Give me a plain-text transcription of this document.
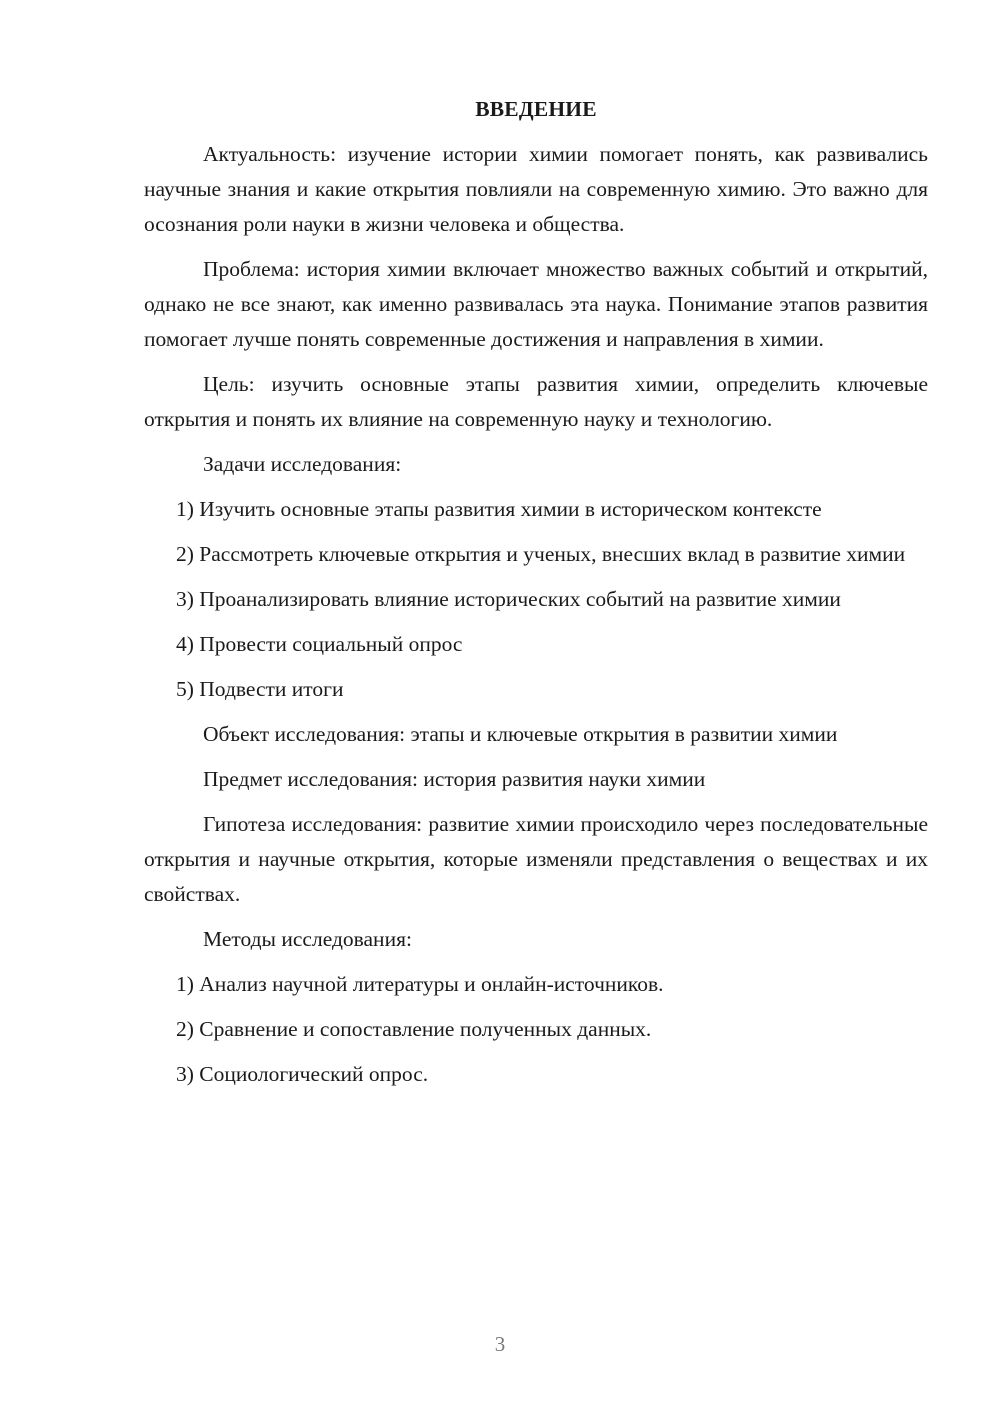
ВВЕДЕНИЕ

Актуальность: изучение истории химии помогает понять, как развивались научные знания и какие открытия повлияли на современную химию. Это важно для осознания роли науки в жизни человека и общества.

Проблема: история химии включает множество важных событий и открытий, однако не все знают, как именно развивалась эта наука. Понимание этапов развития помогает лучше понять современные достижения и направления в химии.

Цель: изучить основные этапы развития химии, определить ключевые открытия и понять их влияние на современную науку и технологию.

Задачи исследования:

1) Изучить основные этапы развития химии в историческом контексте

2) Рассмотреть ключевые открытия и ученых, внесших вклад в развитие химии

3) Проанализировать влияние исторических событий на развитие химии

4) Провести социальный опрос

5) Подвести итоги

Объект исследования: этапы и ключевые открытия в развитии химии

Предмет исследования: история развития науки химии

Гипотеза исследования: развитие химии происходило через последовательные открытия и научные открытия, которые изменяли представления о веществах и их свойствах.

Методы исследования:

1) Анализ научной литературы и онлайн-источников.

2) Сравнение и сопоставление полученных данных.

3) Социологический опрос.

3
